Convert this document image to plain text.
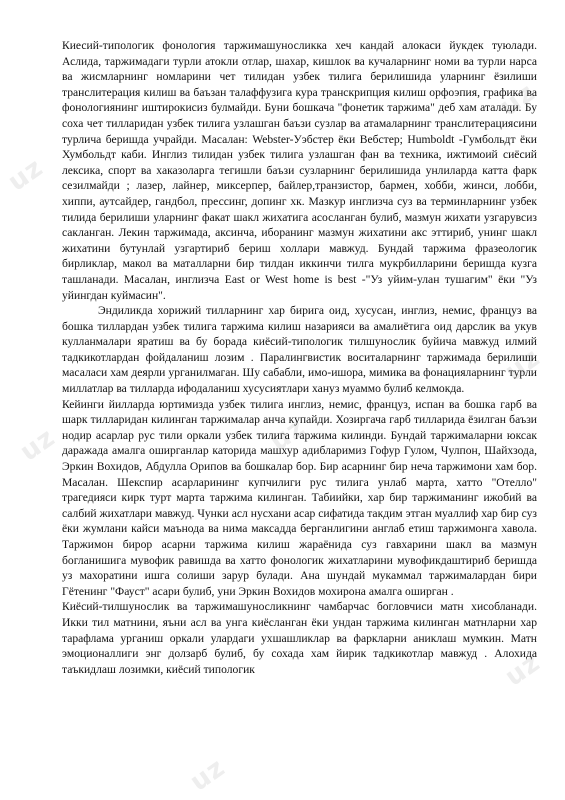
uz
uz
uz
uz
uz
uz
uz

Киесий-типологик фонология таржимашуносликка хеч кандай алокаси йукдек туюлади. Аслида, таржимадаги турли атокли отлар, шахар, кишлок ва кучаларнинг номи ва турли нарса ва жисмларнинг номларини чет тилидан узбек тилига берилишида уларнинг ёзилиши транслитерация килиш ва баъзан талаффузига кура транскрипция килиш орфоэпия, графика ва фонологиянинг иштирокисиз булмайди. Буни бошкача "фонетик таржима" деб хам аталади. Бу соха чет тилларидан узбек тилига узлашган баъзи сузлар ва атамаларнинг транслитерациясини турлича беришда учрайди. Масалан: Webster-Уэбстер ёки Вебстер; Humboldt -Гумбольдт ёки Хумбольдт каби. Инглиз тилидан узбек тилига узлашган фан ва техника, ижтимоий сиёсий лексика, спорт ва хаказоларга тегишли баъзи сузларнинг берилишида унлиларда катта фарк сезилмайди ; лазер, лайнер, миксерпер, байлер,транзистор, бармен, хобби, жинси, лобби, хиппи, аутсайдер, гандбол, прессинг, допинг хк. Мазкур инглизча суз ва терминларнинг узбек тилида берилиши уларнинг факат шакл жихатига асосланган булиб, мазмун жихати узгарувсиз сакланган. Лекин таржимада, аксинча, иборанинг мазмун жихатини акс эттириб, унинг шакл жихатини бутунлай узгартириб бериш холлари мавжуд. Бундай таржима фразеологик бирликлар, макол ва маталларни бир тилдан иккинчи тилга мукрбилларини беришда кузга ташланади. Масалан, инглизча East or West home is best -"Уз уйим-улан тушагим" ёки "Уз уйингдан куймасин".

Эндиликда хорижий тилларнинг хар бирига оид, хусусан, инглиз, немис, француз ва бошка тиллардан узбек тилига таржима килиш назарияси ва амалиётига оид дарслик ва укув кулланмалари яратиш ва бу борада киёсий-типологик тилшунослик буйича мавжуд илмий тадкикотлардан фойдаланиш лозим . Паралингвистик воситаларнинг таржимада берилиши масаласи хам деярли урганилмаган. Шу сабабли, имо-ишора, мимика ва фонацияларнинг турли миллатлар ва тилларда ифодаланиш хусусиятлари хануз муаммо булиб келмокда.

Кейинги йилларда юртимизда узбек тилига инглиз, немис, француз, испан ва бошка гарб ва шарк тилларидан килинган таржималар анча купайди. Хозиргача гарб тилларида ёзилган баъзи нодир асарлар рус тили оркали узбек тилига таржима килинди. Бундай таржималарни юксак даражада амалга оширганлар каторида машхур адибларимиз Гофур Гулом, Чулпон, Шайхзода, Эркин Вохидов, Абдулла Орипов ва бошкалар бор. Бир асарнинг бир неча таржимони хам бор. Масалан. Шекспир асарларининг купчилиги рус тилига унлаб марта, хатто "Отелло" трагедияси кирк турт марта таржима килинган. Табиийки, хар бир таржиманинг ижобий ва салбий жихатлари мавжуд. Чунки асл нусхани асар сифатида такдим этган муаллиф хар бир суз ёки жумлани кайси маънода ва нима максадда берганлигини англаб етиш таржимонга хавола. Таржимон бирор асарни таржима килиш жараёнида суз гавхарини шакл ва мазмун богланишига мувофик равишда ва хатто фонологик жихатларини мувофикдаштириб беришда уз махоратини ишга солиши зарур булади. Ана шундай мукаммал таржималардан бири Гётенинг "Фауст" асари булиб, уни Эркин Вохидов мохирона амалга оширган .

Киёсий-тилшунослик ва таржимашуносликнинг чамбарчас богловчиси матн хисобланади. Икки тил матнини, яъни асл ва унга киёсланган ёки ундан таржима килинган матнларни хар тарафлама урганиш оркали улардаги ухшашликлар ва фаркларни аниклаш мумкин. Матн эмоционаллиги энг долзарб булиб, бу сохада хам йирик тадкикотлар мавжуд . Алохида таъкидлаш лозимки, киёсий типологик
